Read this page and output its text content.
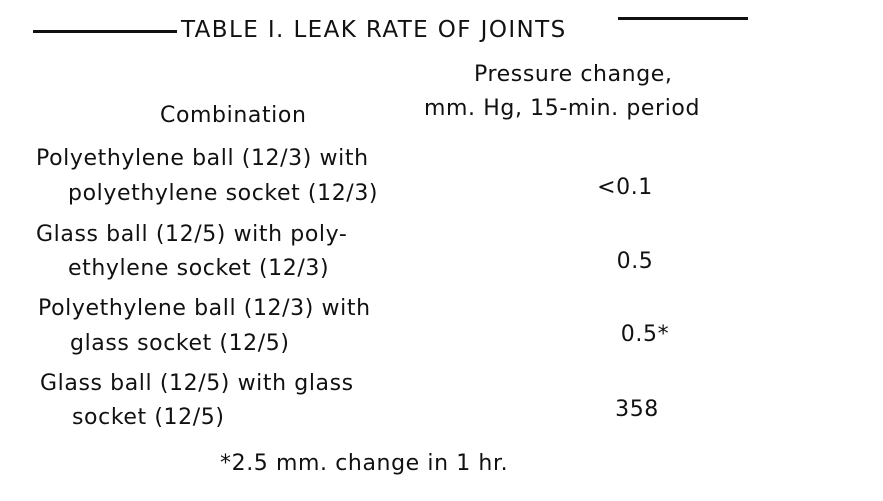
TABLE I. LEAK RATE OF JOINTS
Pressure change,
mm. Hg, 15-min. period
Combination
Polyethylene ball (12/3) with
polyethylene socket (12/3)	<0.1
Glass ball (12/5) with poly-
ethylene socket (12/3)	0.5
Polyethylene ball (12/3) with
glass socket (12/5)	0.5*
Glass ball (12/5) with glass
socket (12/5)	358
*2.5 mm. change in 1 hr.
